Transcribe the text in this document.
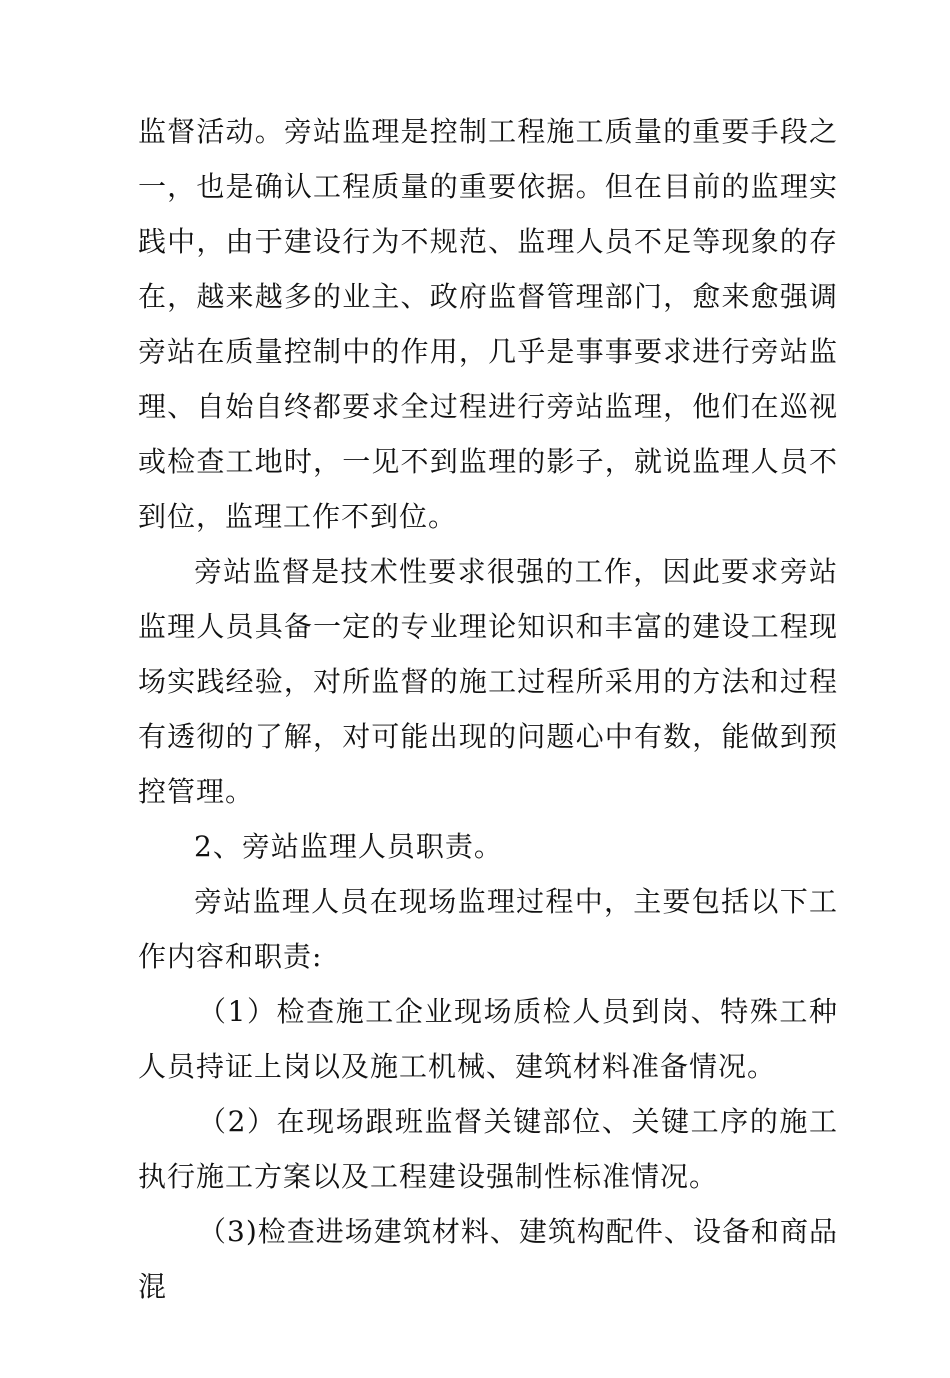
监督活动。旁站监理是控制工程施工质量的重要手段之一，也是确认工程质量的重要依据。但在目前的监理实践中，由于建设行为不规范、监理人员不足等现象的存在，越来越多的业主、政府监督管理部门，愈来愈强调旁站在质量控制中的作用，几乎是事事要求进行旁站监理、自始自终都要求全过程进行旁站监理，他们在巡视或检查工地时，一见不到监理的影子，就说监理人员不到位，监理工作不到位。

旁站监督是技术性要求很强的工作，因此要求旁站监理人员具备一定的专业理论知识和丰富的建设工程现场实践经验，对所监督的施工过程所采用的方法和过程有透彻的了解，对可能出现的问题心中有数，能做到预控管理。

2、旁站监理人员职责。

旁站监理人员在现场监理过程中，主要包括以下工作内容和职责:

（1）检查施工企业现场质检人员到岗、特殊工种人员持证上岗以及施工机械、建筑材料准备情况。

（2）在现场跟班监督关键部位、关键工序的施工执行施工方案以及工程建设强制性标准情况。

（3)检查进场建筑材料、建筑构配件、设备和商品混
